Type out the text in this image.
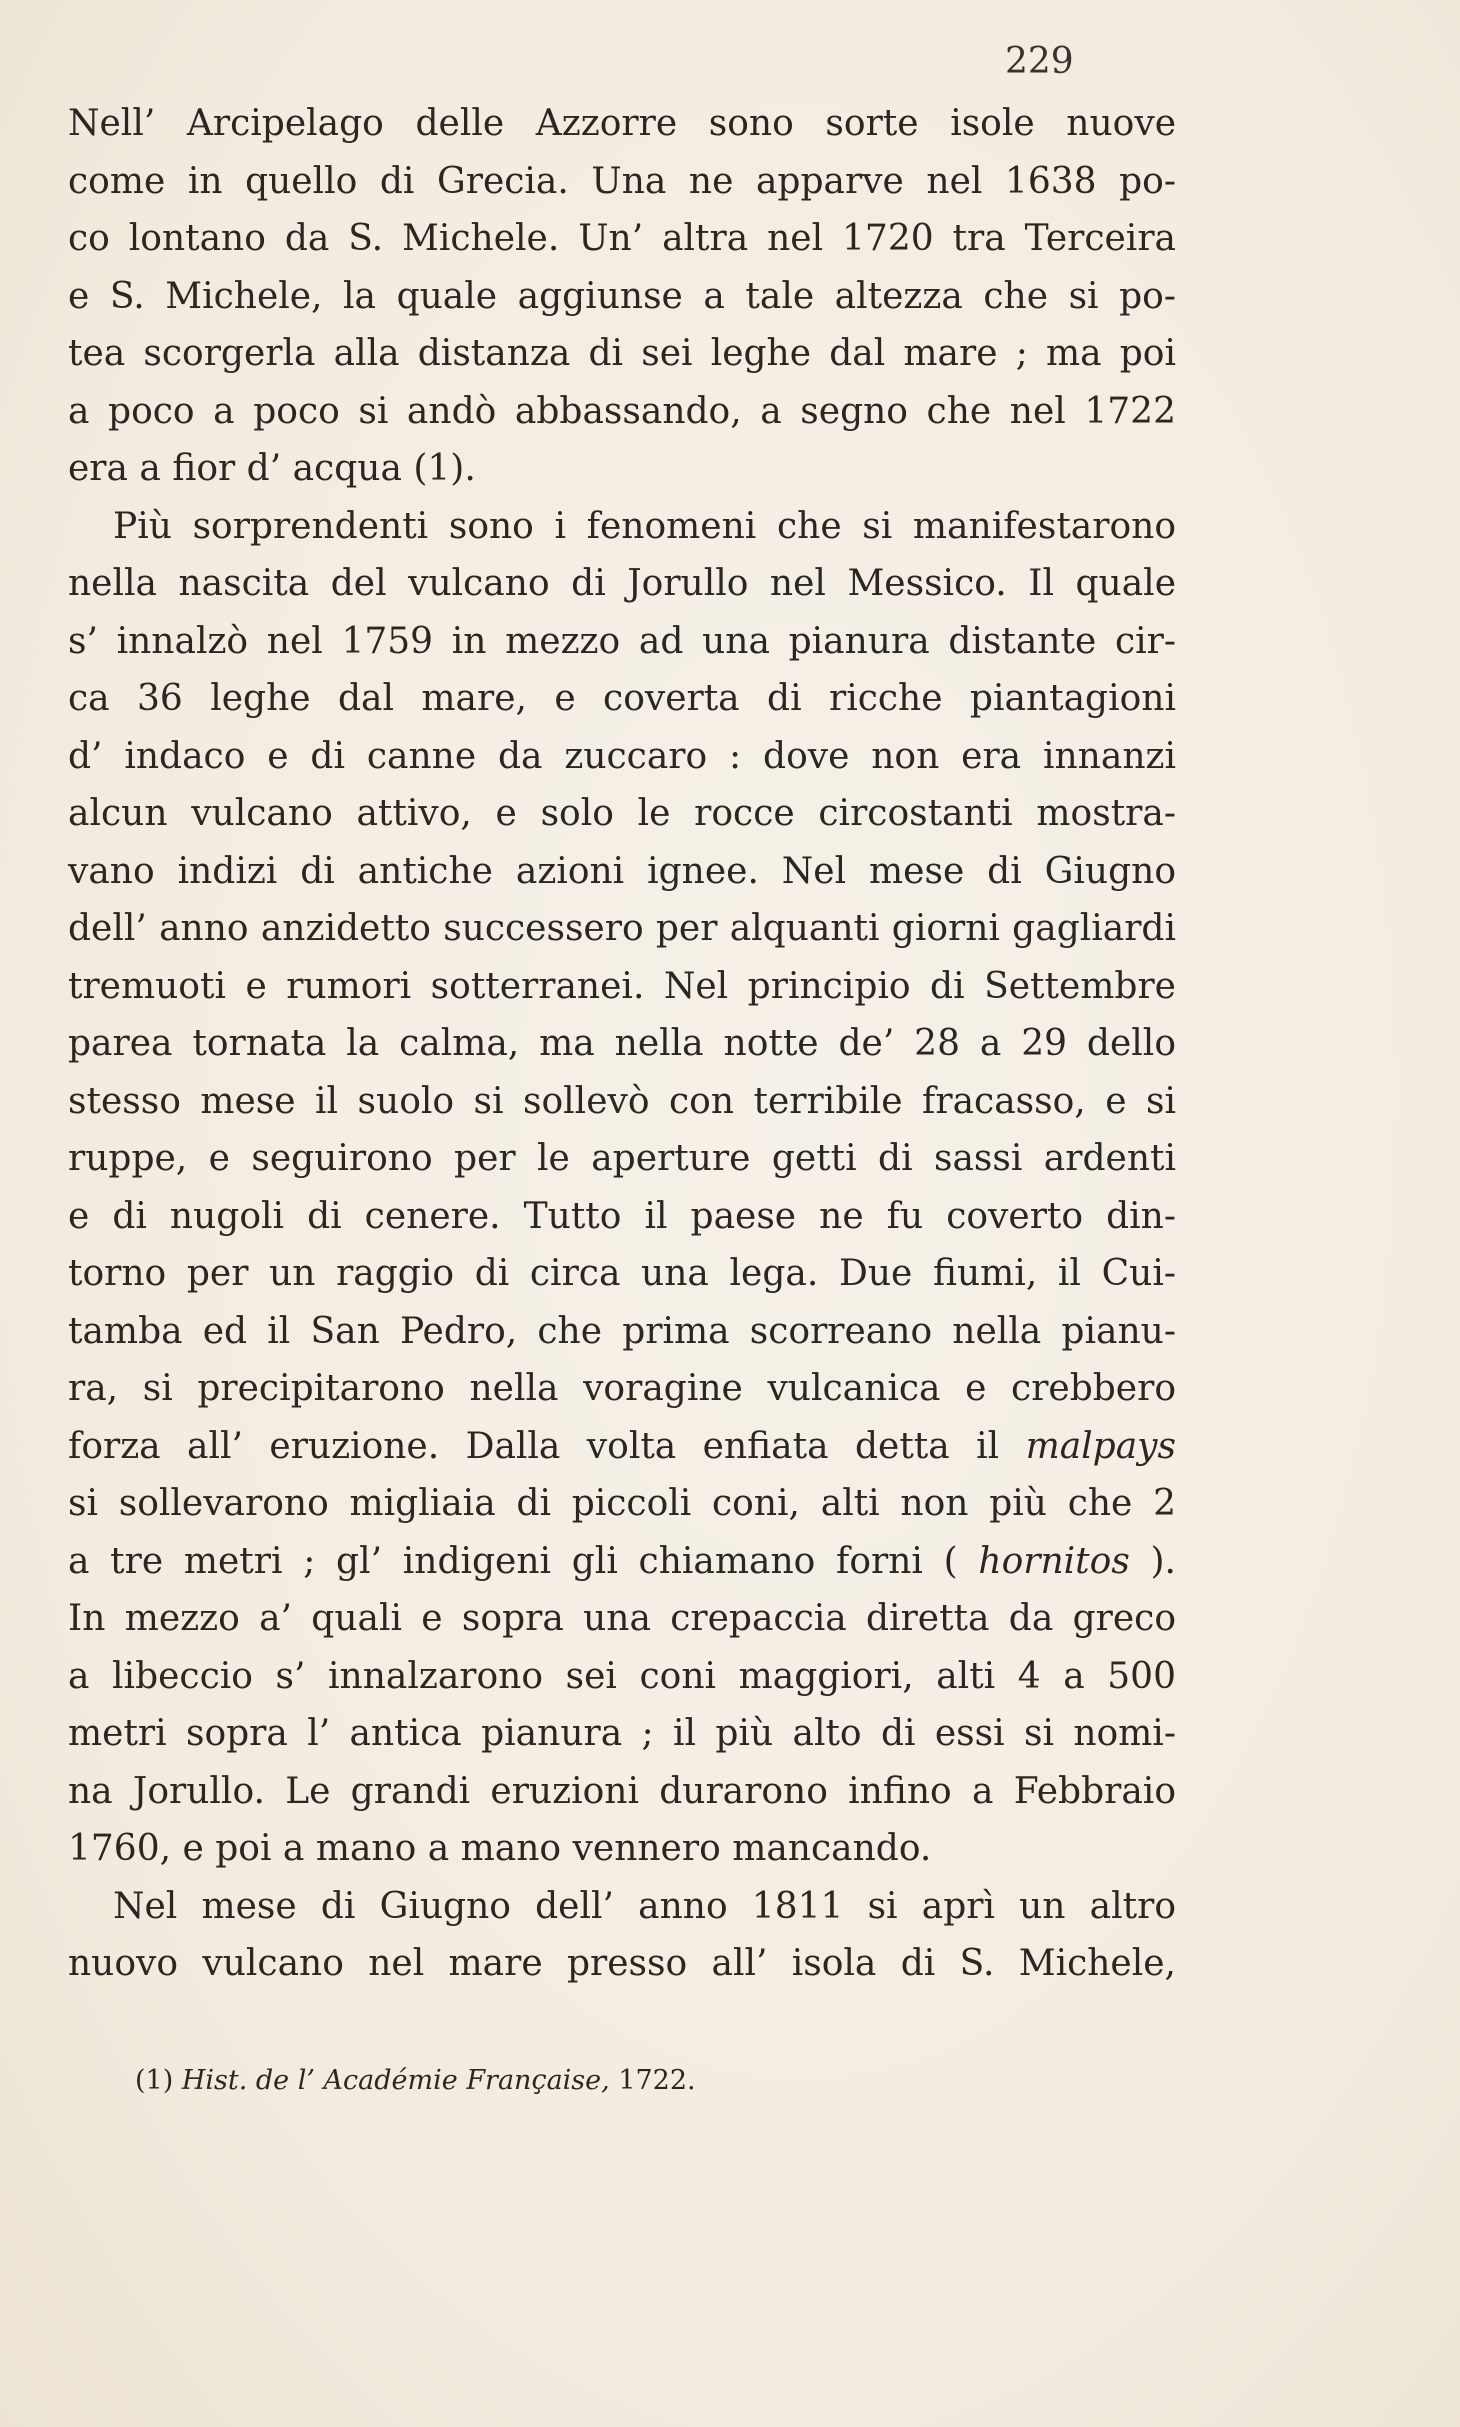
229
Nell’ Arcipelago delle Azzorre sono sorte isole nuove
come in quello di Grecia. Una ne apparve nel 1638 po-
co lontano da S. Michele. Un’ altra nel 1720 tra Terceira
e S. Michele, la quale aggiunse a tale altezza che si po-
tea scorgerla alla distanza di sei leghe dal mare ; ma poi
a poco a poco si andò abbassando, a segno che nel 1722
era a fior d’ acqua (1).
Più sorprendenti sono i fenomeni che si manifestarono
nella nascita del vulcano di Jorullo nel Messico. Il quale
s’ innalzò nel 1759 in mezzo ad una pianura distante cir-
ca 36 leghe dal mare, e coverta di ricche piantagioni
d’ indaco e di canne da zuccaro : dove non era innanzi
alcun vulcano attivo, e solo le rocce circostanti mostra-
vano indizi di antiche azioni ignee. Nel mese di Giugno
dell’ anno anzidetto successero per alquanti giorni gagliardi
tremuoti e rumori sotterranei. Nel principio di Settembre
parea tornata la calma, ma nella notte de’ 28 a 29 dello
stesso mese il suolo si sollevò con terribile fracasso, e si
ruppe, e seguirono per le aperture getti di sassi ardenti
e di nugoli di cenere. Tutto il paese ne fu coverto din-
torno per un raggio di circa una lega. Due fiumi, il Cui-
tamba ed il San Pedro, che prima scorreano nella pianu-
ra, si precipitarono nella voragine vulcanica e crebbero
forza all’ eruzione. Dalla volta enfiata detta il malpays
si sollevarono migliaia di piccoli coni, alti non più che 2
a tre metri ; gl’ indigeni gli chiamano forni ( hornitos ).
In mezzo a’ quali e sopra una crepaccia diretta da greco
a libeccio s’ innalzarono sei coni maggiori, alti 4 a 500
metri sopra l’ antica pianura ; il più alto di essi si nomi-
na Jorullo. Le grandi eruzioni durarono infino a Febbraio
1760, e poi a mano a mano vennero mancando.
Nel mese di Giugno dell’ anno 1811 si aprì un altro
nuovo vulcano nel mare presso all’ isola di S. Michele,
(1) Hist. de l’ Académie Française, 1722.
